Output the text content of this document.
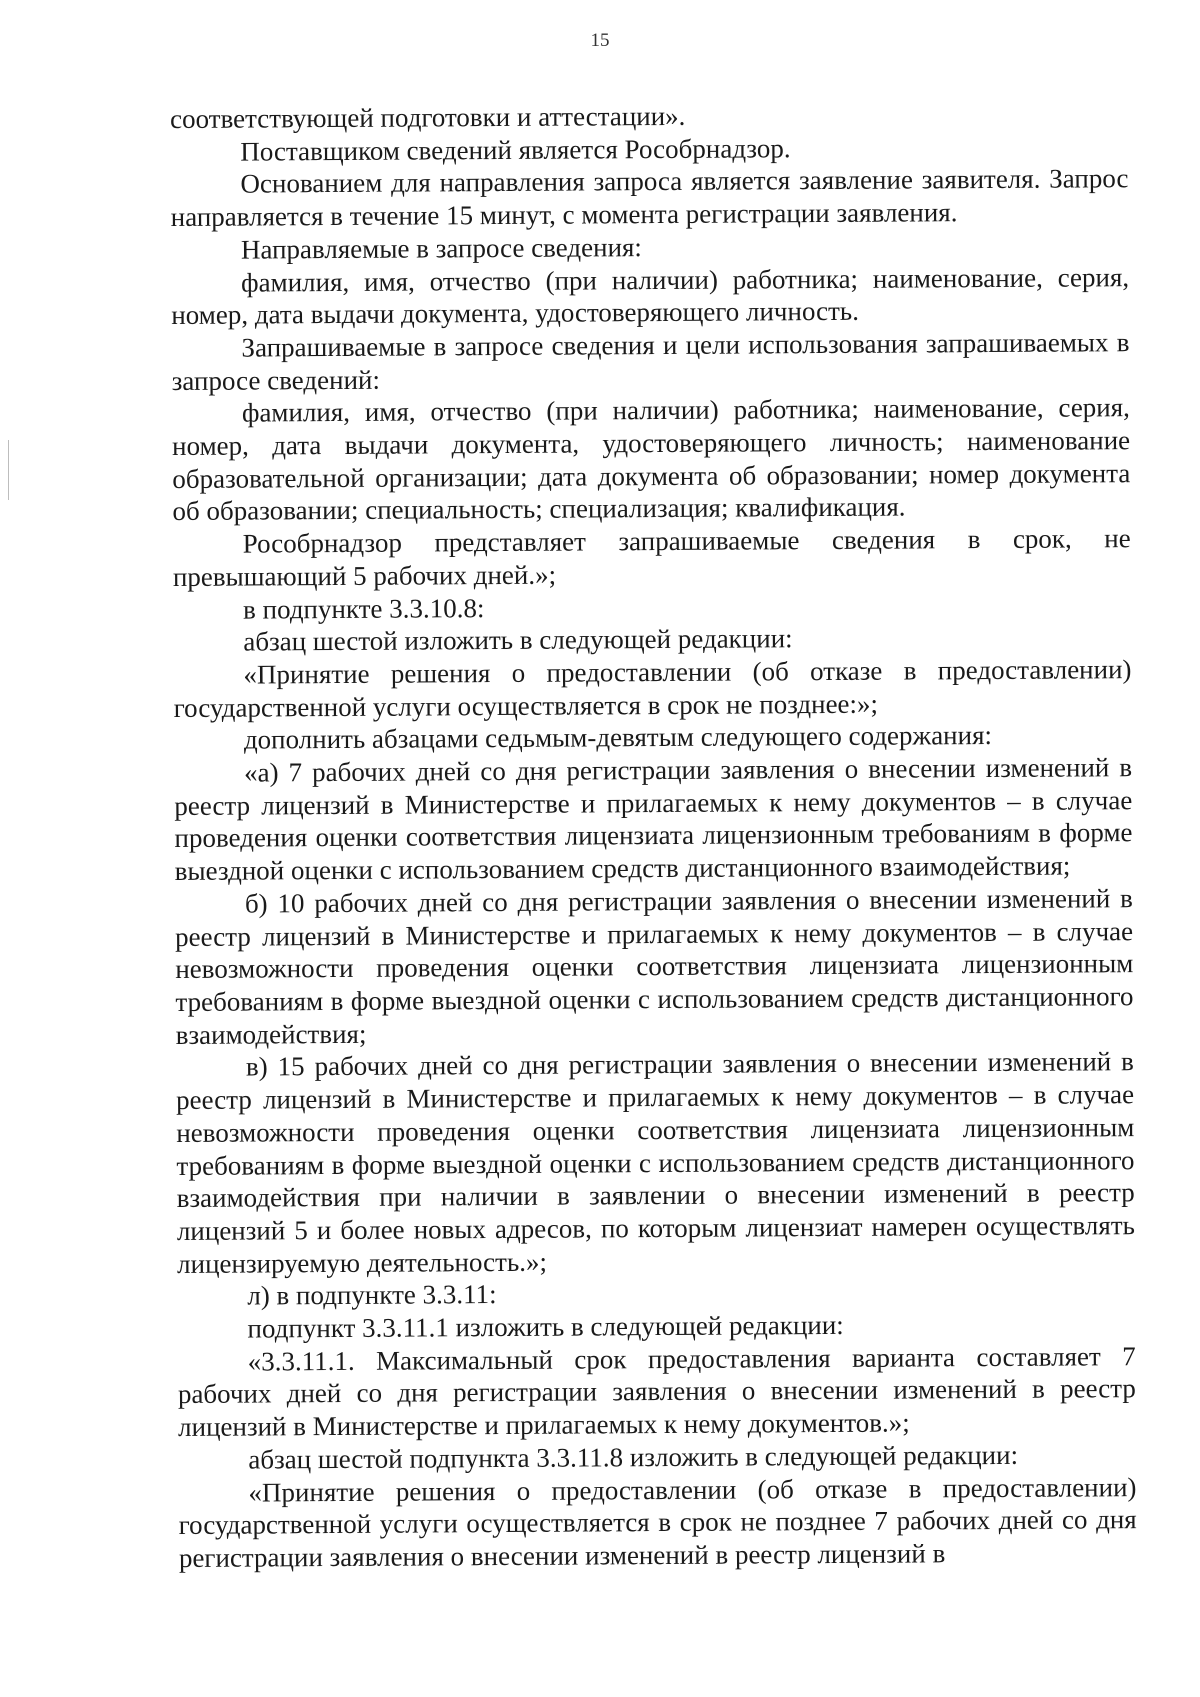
15

соответствующей подготовки и аттестации».

Поставщиком сведений является Рособрнадзор.

Основанием для направления запроса является заявление заявителя. Запрос направляется в течение 15 минут, с момента регистрации заявления.

Направляемые в запросе сведения:

фамилия, имя, отчество (при наличии) работника; наименование, серия, номер, дата выдачи документа, удостоверяющего личность.

Запрашиваемые в запросе сведения и цели использования запрашиваемых в запросе сведений:

фамилия, имя, отчество (при наличии) работника; наименование, серия, номер, дата выдачи документа, удостоверяющего личность; наименование образовательной организации; дата документа об образовании; номер документа об образовании; специальность; специализация; квалификация.

Рособрнадзор представляет запрашиваемые сведения в срок, не превышающий 5 рабочих дней.»;

в подпункте 3.3.10.8:

абзац шестой изложить в следующей редакции:

«Принятие решения о предоставлении (об отказе в предоставлении) государственной услуги осуществляется в срок не позднее:»;

дополнить абзацами седьмым-девятым следующего содержания:

«а) 7 рабочих дней со дня регистрации заявления о внесении изменений в реестр лицензий в Министерстве и прилагаемых к нему документов – в случае проведения оценки соответствия лицензиата лицензионным требованиям в форме выездной оценки с использованием средств дистанционного взаимодействия;

б) 10 рабочих дней со дня регистрации заявления о внесении изменений в реестр лицензий в Министерстве и прилагаемых к нему документов – в случае невозможности проведения оценки соответствия лицензиата лицензионным требованиям в форме выездной оценки с использованием средств дистанционного взаимодействия;

в) 15 рабочих дней со дня регистрации заявления о внесении изменений в реестр лицензий в Министерстве и прилагаемых к нему документов – в случае невозможности проведения оценки соответствия лицензиата лицензионным требованиям в форме выездной оценки с использованием средств дистанционного взаимодействия при наличии в заявлении о внесении изменений в реестр лицензий 5 и более новых адресов, по которым лицензиат намерен осуществлять лицензируемую деятельность.»;

л) в подпункте 3.3.11:

подпункт 3.3.11.1 изложить в следующей редакции:

«3.3.11.1. Максимальный срок предоставления варианта составляет 7 рабочих дней со дня регистрации заявления о внесении изменений в реестр лицензий в Министерстве и прилагаемых к нему документов.»;

абзац шестой подпункта 3.3.11.8 изложить в следующей редакции:

«Принятие решения о предоставлении (об отказе в предоставлении) государственной услуги осуществляется в срок не позднее 7 рабочих дней со дня регистрации заявления о внесении изменений в реестр лицензий в
